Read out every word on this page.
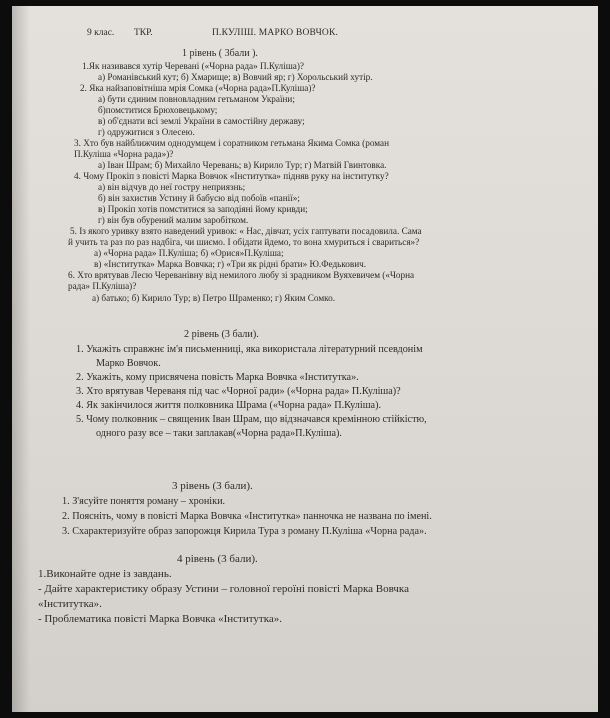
9 клас. ТКР.	П.КУЛІШ. МАРКО ВОВЧОК.
1 рівень ( 3бали ).
1.Як називався хутір Черевані («Чорна рада» П.Куліша)?
а) Романівський кут; б) Хмарище; в) Вовчий яр; г) Хорольський хутір.
2. Яка найзаповітніша мрія Сомка («Чорна рада»П.Куліша)?
а) бути єдиним повновладним гетьманом України;
б)помститися Брюховецькому;
в) об'єднати всі землі України в самостійну державу;
г) одружитися з Олесею.
3. Хто був найближчим однодумцем і соратником гетьмана Якима Сомка (роман
П.Куліша «Чорна рада»)?
а) Іван Шрам; б) Михайло Черевань; в) Кирило Тур; г) Матвій Гвинтовка.
4. Чому Прокіп з повісті Марка Вовчок «Інститутка» підняв руку на інститутку?
а) він відчув до неї гостру неприязнь;
б) він захистив Устину й бабусю від побоїв «панії»;
в) Прокіп хотів помститися за заподіяні йому кривди;
г) він був обурений малим заробітком.
5. Із якого уривку взято наведений уривок: « Нас, дівчат, усіх гаптувати посадовила. Сама
й учить та раз по раз надбіга, чи шиємо. І обідати йдемо, то вона хмуриться і свариться»?
а) «Чорна рада» П.Куліша; б) «Орися»П.Куліша;
в) «Інститутка» Марка Вовчка; г) «Три як рідні брати» Ю.Федькович.
6. Хто врятував Лесю Череванівну від немилого любу зі зрадником Вуяхевичем («Чорна
рада» П.Куліша)?
а) батько; б) Кирило Тур; в) Петро Шраменко; г) Яким Сомко.
2 рівень (3 бали).
1. Укажіть справжнє ім'я письменниці, яка використала літературний псевдонім
Марко Вовчок.
2. Укажіть, кому присвячена повість Марка Вовчка «Інститутка».
3. Хто врятував Череваня під час «Чорної ради» («Чорна рада» П.Куліша)?
4. Як закінчилося життя полковника Шрама («Чорна рада» П.Куліша).
5. Чому полковник – священик Іван Шрам, що відзначався кремінною стійкістю,
одного разу все – таки заплакав(«Чорна рада»П.Куліша).
3 рівень (3 бали).
1. З'ясуйте поняття роману – хроніки.
2. Поясніть, чому в повісті Марка Вовчка «Інститутка» панночка не названа по імені.
3. Схарактеризуйте образ запорожця Кирила Тура з роману П.Куліша «Чорна рада».
4 рівень (3 бали).
1.Виконайте одне із завдань.
- Дайте характеристику образу Устини – головної героїні повісті Марка Вовчка
«Інститутка».
- Проблематика повісті Марка Вовчка «Інститутка».
